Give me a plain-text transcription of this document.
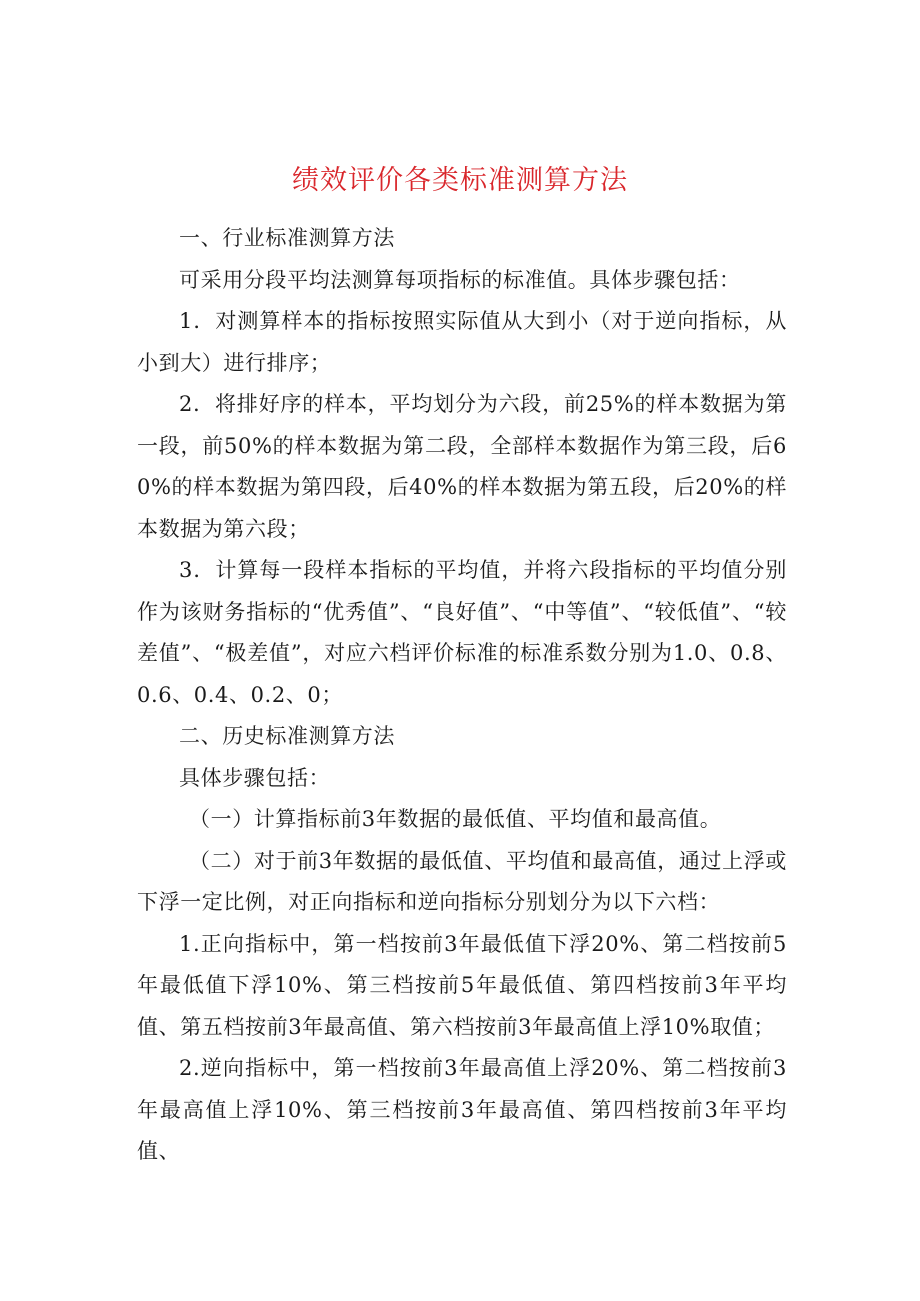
绩效评价各类标准测算方法

一、行业标准测算方法

可采用分段平均法测算每项指标的标准值。具体步骤包括：

1．对测算样本的指标按照实际值从大到小（对于逆向指标，从小到大）进行排序；

2．将排好序的样本，平均划分为六段，前25%的样本数据为第一段，前50%的样本数据为第二段，全部样本数据作为第三段，后60%的样本数据为第四段，后40%的样本数据为第五段，后20%的样本数据为第六段；

3．计算每一段样本指标的平均值，并将六段指标的平均值分别作为该财务指标的“优秀值”、“良好值”、“中等值”、“较低值”、“较差值”、“极差值”，对应六档评价标准的标准系数分别为1.0、0.8、0.6、0.4、0.2、0；

二、历史标准测算方法

具体步骤包括：

（一）计算指标前3年数据的最低值、平均值和最高值。

（二）对于前3年数据的最低值、平均值和最高值，通过上浮或下浮一定比例，对正向指标和逆向指标分别划分为以下六档：

1.正向指标中，第一档按前3年最低值下浮20%、第二档按前5年最低值下浮10%、第三档按前5年最低值、第四档按前3年平均值、第五档按前3年最高值、第六档按前3年最高值上浮10%取值；

2.逆向指标中，第一档按前3年最高值上浮20%、第二档按前3年最高值上浮10%、第三档按前3年最高值、第四档按前3年平均值、
